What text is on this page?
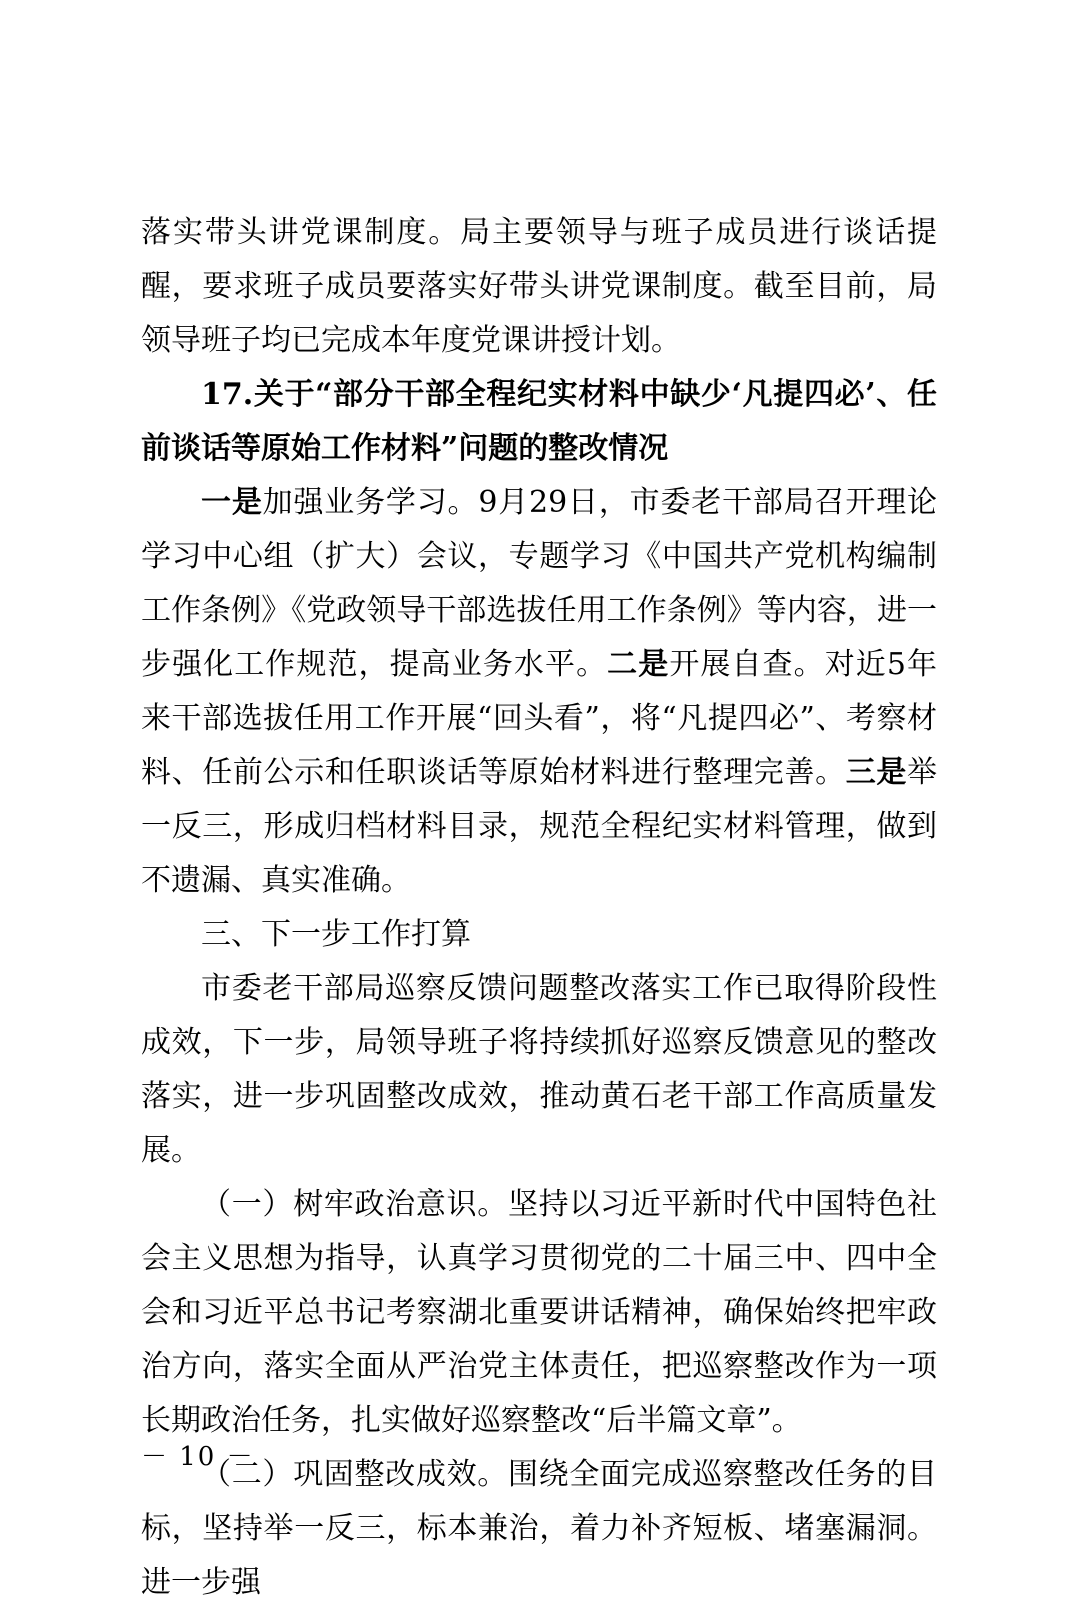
落实带头讲党课制度。局主要领导与班子成员进行谈话提醒，要求班子成员要落实好带头讲党课制度。截至目前，局领导班子均已完成本年度党课讲授计划。

17.关于“部分干部全程纪实材料中缺少‘凡提四必’、任前谈话等原始工作材料”问题的整改情况

一是加强业务学习。9月29日，市委老干部局召开理论学习中心组（扩大）会议，专题学习《中国共产党机构编制工作条例》《党政领导干部选拔任用工作条例》等内容，进一步强化工作规范，提高业务水平。二是开展自查。对近5年来干部选拔任用工作开展“回头看”，将“凡提四必”、考察材料、任前公示和任职谈话等原始材料进行整理完善。三是举一反三，形成归档材料目录，规范全程纪实材料管理，做到不遗漏、真实准确。

三、下一步工作打算

市委老干部局巡察反馈问题整改落实工作已取得阶段性成效，下一步，局领导班子将持续抓好巡察反馈意见的整改落实，进一步巩固整改成效，推动黄石老干部工作高质量发展。

（一）树牢政治意识。坚持以习近平新时代中国特色社会主义思想为指导，认真学习贯彻党的二十届三中、四中全会和习近平总书记考察湖北重要讲话精神，确保始终把牢政治方向，落实全面从严治党主体责任，把巡察整改作为一项长期政治任务，扎实做好巡察整改“后半篇文章”。

（二）巩固整改成效。围绕全面完成巡察整改任务的目标，坚持举一反三，标本兼治，着力补齐短板、堵塞漏洞。进一步强

－ 10 －
